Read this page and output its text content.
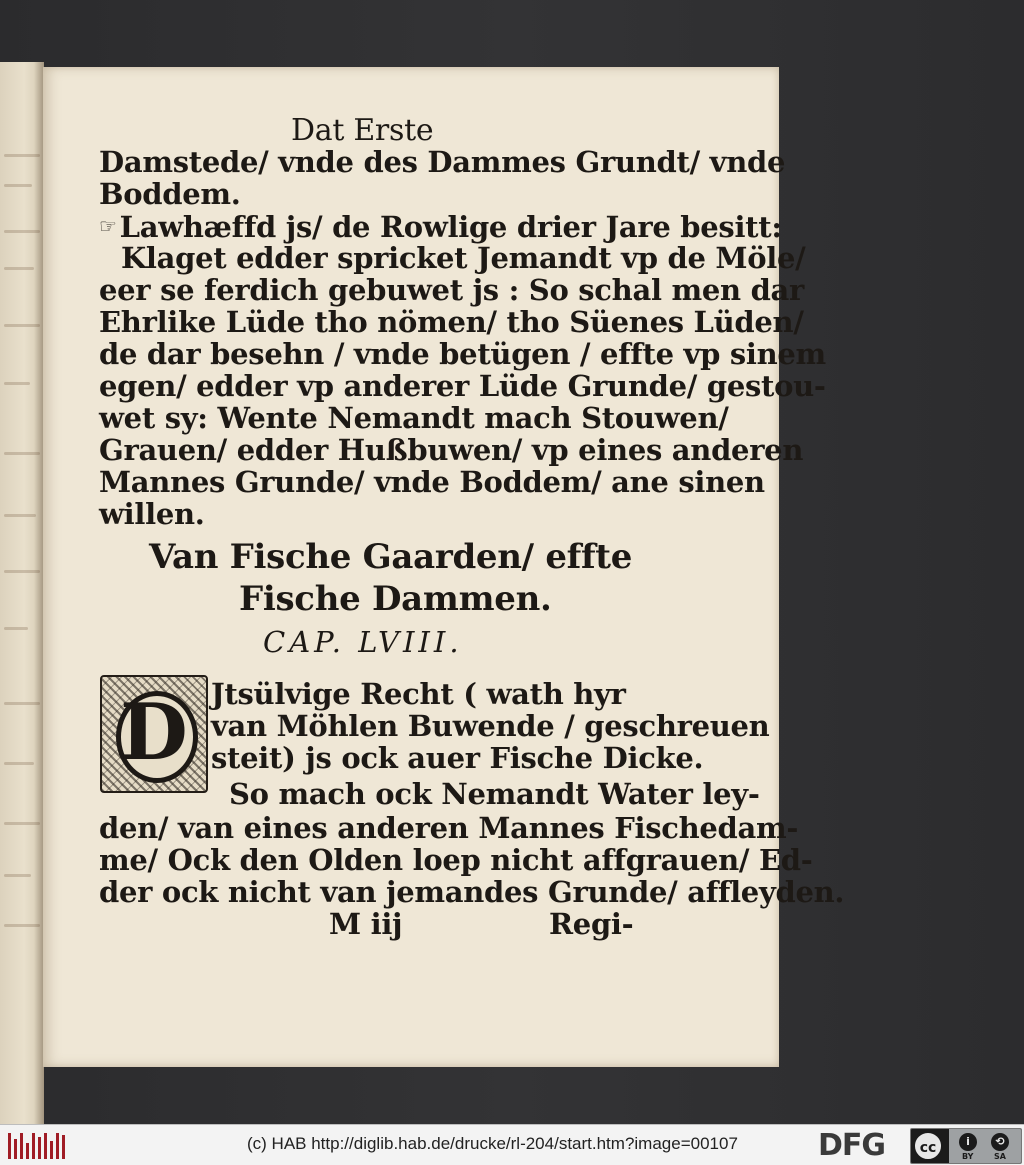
Dat Erste
Damstede/ vnde des Dammes Grundt/ vnde
Boddem.
☞ Lawhæffd js/ de Rowlige drier Jare besitt:
Klaget edder spricket Jemandt vp de Möle/
eer se ferdich gebuwet js : So schal men dar
Ehrlike Lüde tho nömen/ tho Süenes Lüden/
de dar besehn / vnde betügen / effte vp sinem
egen/ edder vp anderer Lüde Grunde/ gestou-
wet sy: Wente Nemandt mach Stouwen/
Grauen/ edder Hußbuwen/ vp eines anderen
Mannes Grunde/ vnde Boddem/ ane sinen
willen.
Van Fische Gaarden/ effte
Fische Dammen.
CAP. LVIII.
D Jtsülvige Recht ( wath hyr
van Möhlen Buwende / geschreuen
steit) js ock auer Fische Dicke.
So mach ock Nemandt Water ley-
den/ van eines anderen Mannes Fischedam-
me/ Ock den Olden loep nicht affgrauen/ Ed-
der ock nicht van jemandes Grunde/ affleyden.
M iij	Regi-
(c) HAB http://diglib.hab.de/drucke/rl-204/start.htm?image=00107	DFG	cc	i	⟲
BY	SA
